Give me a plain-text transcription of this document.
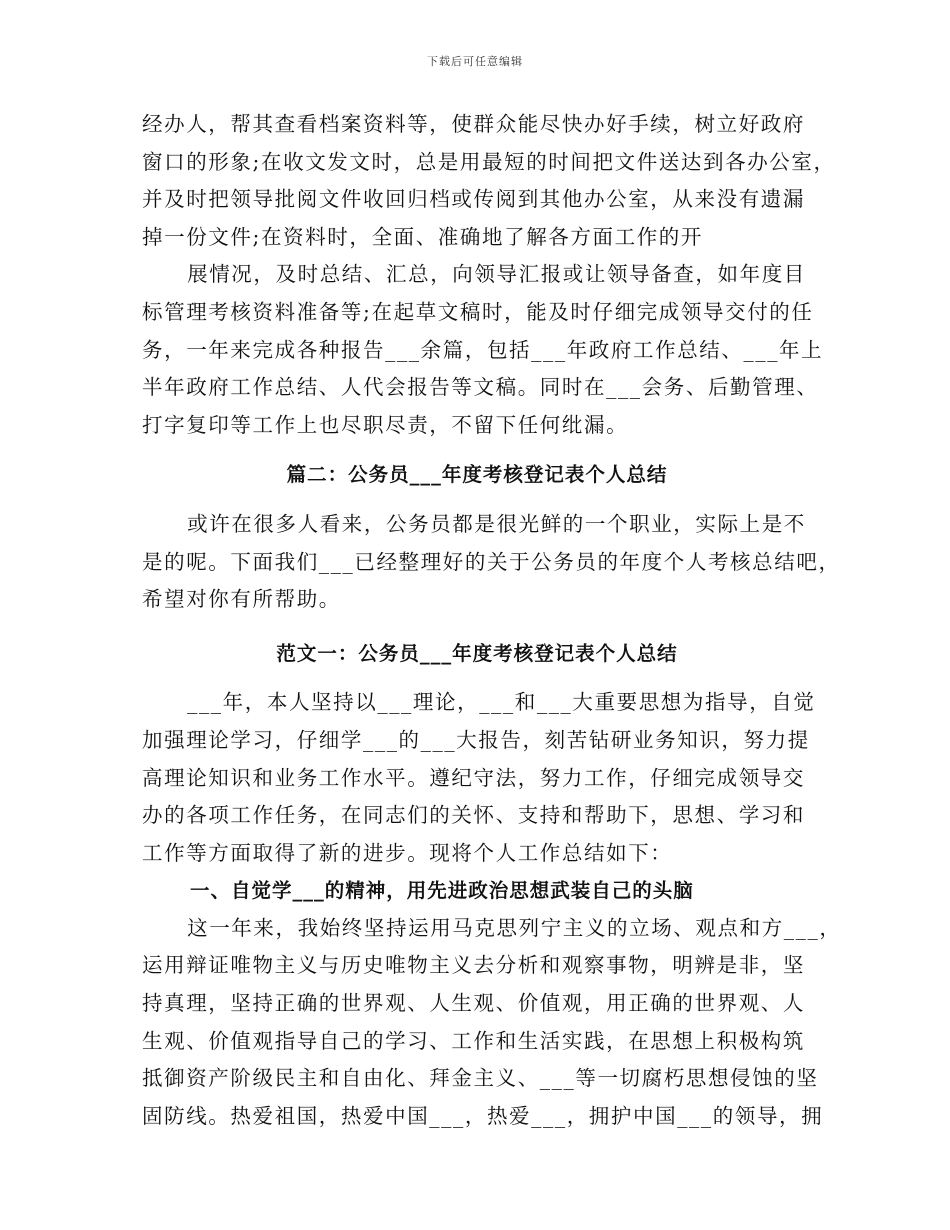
下载后可任意编辑

经办人，帮其查看档案资料等，使群众能尽快办好手续，树立好政府

窗口的形象;在收文发文时，总是用最短的时间把文件送达到各办公室，

并及时把领导批阅文件收回归档或传阅到其他办公室，从来没有遗漏

掉一份文件;在资料时，全面、准确地了解各方面工作的开

展情况，及时总结、汇总，向领导汇报或让领导备查，如年度目

标管理考核资料准备等;在起草文稿时，能及时仔细完成领导交付的任

务，一年来完成各种报告___余篇，包括___年政府工作总结、___年上

半年政府工作总结、人代会报告等文稿。同时在___会务、后勤管理、

打字复印等工作上也尽职尽责，不留下任何纰漏。

篇二：公务员___年度考核登记表个人总结

或许在很多人看来，公务员都是很光鲜的一个职业，实际上是不

是的呢。下面我们___已经整理好的关于公务员的年度个人考核总结吧，

希望对你有所帮助。

范文一：公务员___年度考核登记表个人总结

___年，本人坚持以___理论，___和___大重要思想为指导，自觉

加强理论学习，仔细学___的___大报告，刻苦钻研业务知识，努力提

高理论知识和业务工作水平。遵纪守法，努力工作，仔细完成领导交

办的各项工作任务，在同志们的关怀、支持和帮助下，思想、学习和

工作等方面取得了新的进步。现将个人工作总结如下：

一、自觉学___的精神，用先进政治思想武装自己的头脑

这一年来，我始终坚持运用马克思列宁主义的立场、观点和方___，

运用辩证唯物主义与历史唯物主义去分析和观察事物，明辨是非，坚

持真理，坚持正确的世界观、人生观、价值观，用正确的世界观、人

生观、价值观指导自己的学习、工作和生活实践，在思想上积极构筑

抵御资产阶级民主和自由化、拜金主义、___等一切腐朽思想侵蚀的坚

固防线。热爱祖国，热爱中国___，热爱___，拥护中国___的领导，拥
